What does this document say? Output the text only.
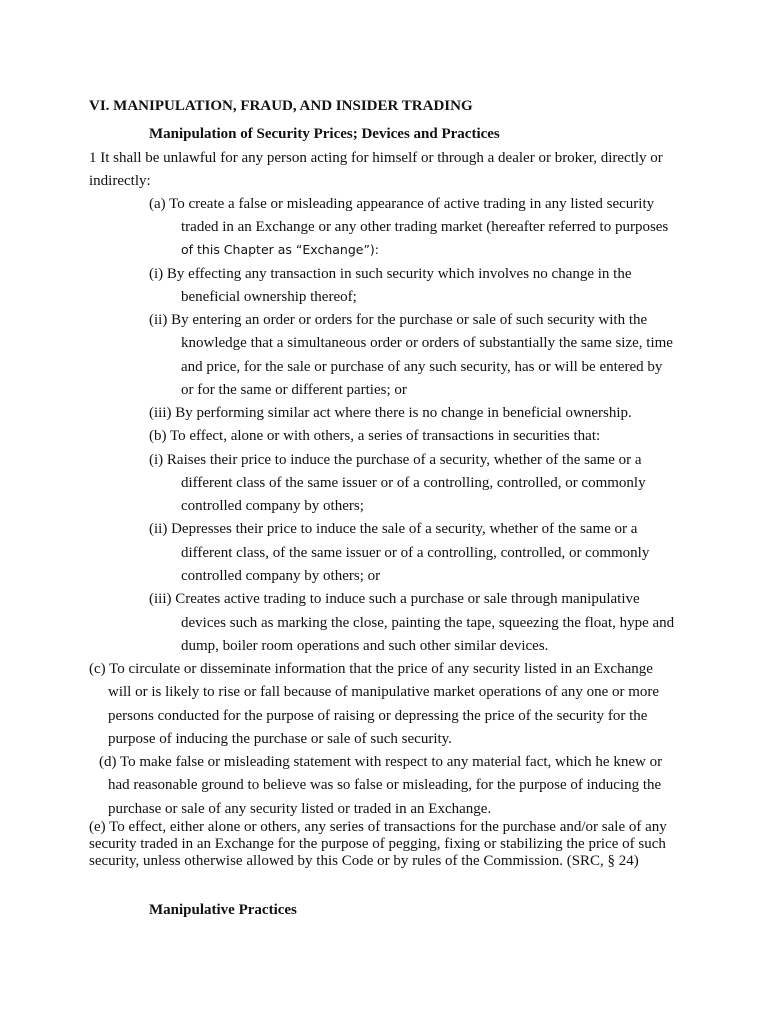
VI. MANIPULATION, FRAUD, AND INSIDER TRADING
Manipulation of Security Prices; Devices and Practices
1 It shall be unlawful for any person acting for himself or through a dealer or broker, directly or
indirectly:
(a) To create a false or misleading appearance of active trading in any listed security
traded in an Exchange or any other trading market (hereafter referred to purposes
of this Chapter as “Exchange”):
(i) By effecting any transaction in such security which involves no change in the
beneficial ownership thereof;
(ii) By entering an order or orders for the purchase or sale of such security with the
knowledge that a simultaneous order or orders of substantially the same size, time
and price, for the sale or purchase of any such security, has or will be entered by
or for the same or different parties; or
(iii) By performing similar act where there is no change in beneficial ownership.
(b) To effect, alone or with others, a series of transactions in securities that:
(i) Raises their price to induce the purchase of a security, whether of the same or a
different class of the same issuer or of a controlling, controlled, or commonly
controlled company by others;
(ii) Depresses their price to induce the sale of a security, whether of the same or a
different class, of the same issuer or of a controlling, controlled, or commonly
controlled company by others; or
(iii) Creates active trading to induce such a purchase or sale through manipulative
devices such as marking the close, painting the tape, squeezing the float, hype and
dump, boiler room operations and such other similar devices.
(c) To circulate or disseminate information that the price of any security listed in an Exchange
will or is likely to rise or fall because of manipulative market operations of any one or more
persons conducted for the purpose of raising or depressing the price of the security for the
purpose of inducing the purchase or sale of such security.
(d) To make false or misleading statement with respect to any material fact, which he knew or
had reasonable ground to believe was so false or misleading, for the purpose of inducing the
purchase or sale of any security listed or traded in an Exchange.
(e) To effect, either alone or others, any series of transactions for the purchase and/or sale of any
security traded in an Exchange for the purpose of pegging, fixing or stabilizing the price of such
security, unless otherwise allowed by this Code or by rules of the Commission. (SRC, § 24)
Manipulative Practices
